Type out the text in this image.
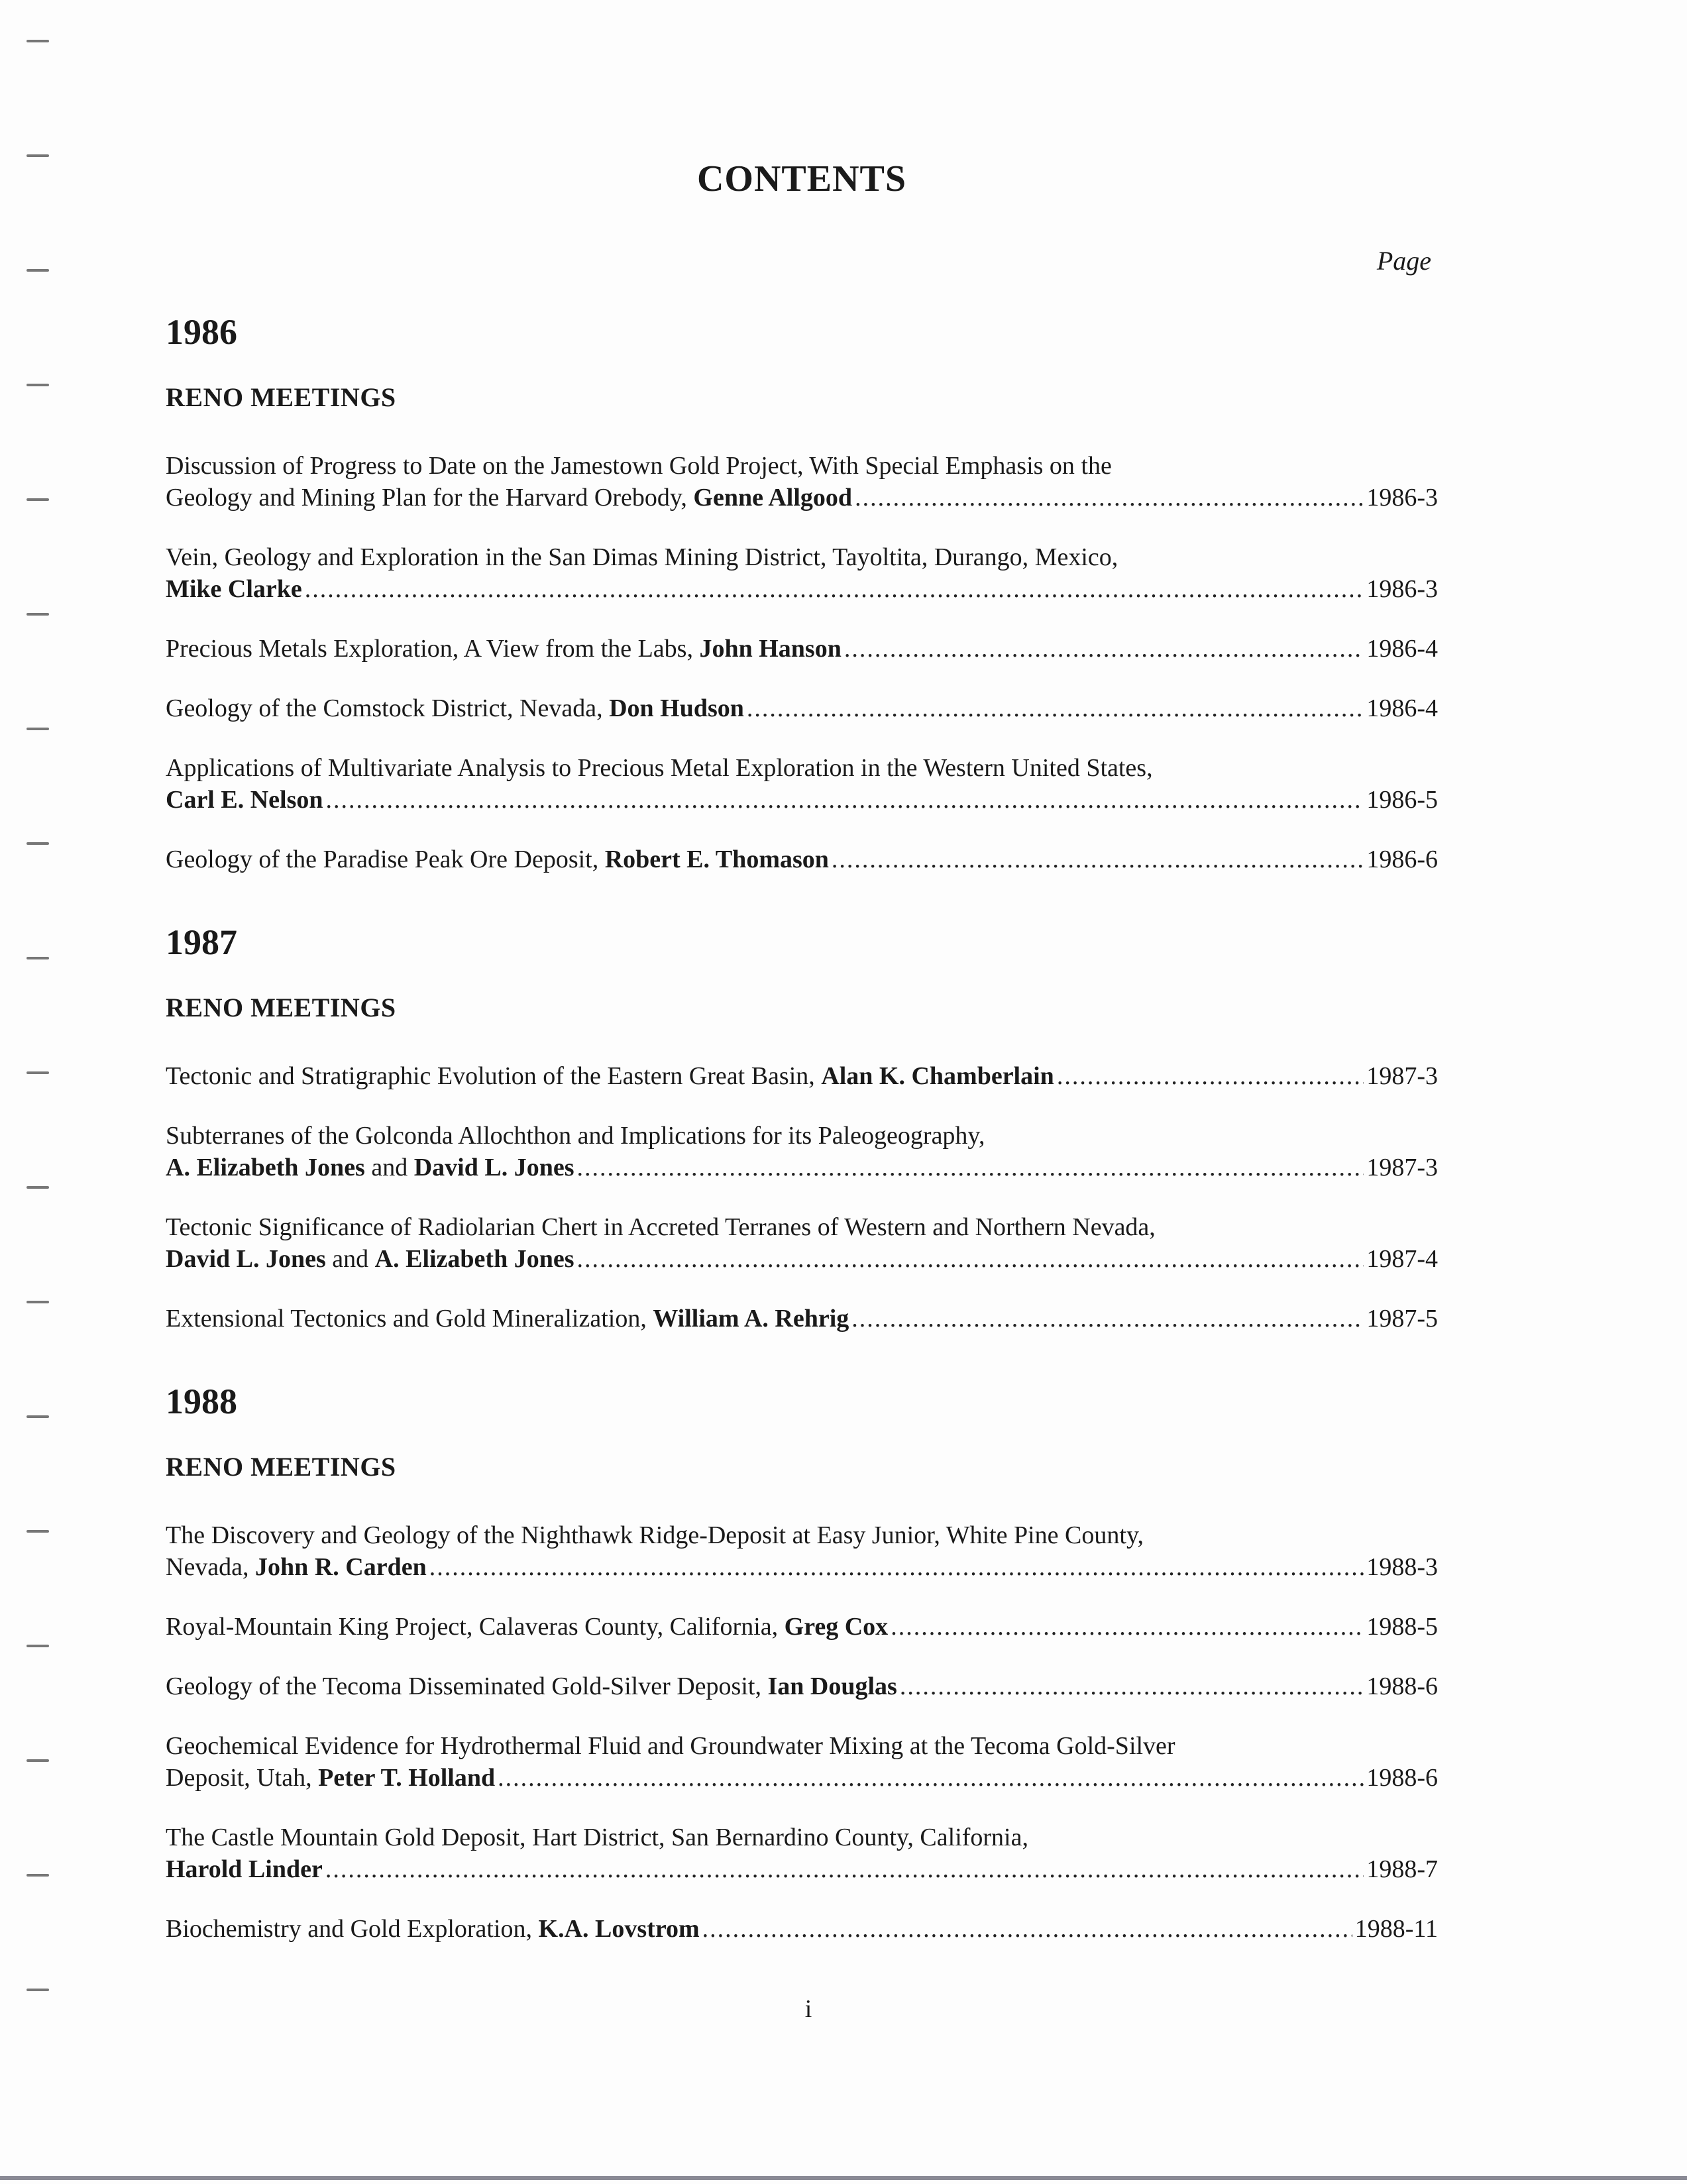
CONTENTS
Page
1986
RENO MEETINGS
Discussion of Progress to Date on the Jamestown Gold Project, With Special Emphasis on the
Geology and Mining Plan for the Harvard Orebody, Genne Allgood .....	1986-3
Vein, Geology and Exploration in the San Dimas Mining District, Tayoltita, Durango, Mexico,
Mike Clarke .....	1986-3
Precious Metals Exploration, A View from the Labs, John Hanson .....	1986-4
Geology of the Comstock District, Nevada, Don Hudson .....	1986-4
Applications of Multivariate Analysis to Precious Metal Exploration in the Western United States,
Carl E. Nelson .....	1986-5
Geology of the Paradise Peak Ore Deposit, Robert E. Thomason .....	1986-6
1987
RENO MEETINGS
Tectonic and Stratigraphic Evolution of the Eastern Great Basin, Alan K. Chamberlain .....	1987-3
Subterranes of the Golconda Allochthon and Implications for its Paleogeography,
A. Elizabeth Jones and David L. Jones .....	1987-3
Tectonic Significance of Radiolarian Chert in Accreted Terranes of Western and Northern Nevada,
David L. Jones and A. Elizabeth Jones .....	1987-4
Extensional Tectonics and Gold Mineralization, William A. Rehrig .....	1987-5
1988
RENO MEETINGS
The Discovery and Geology of the Nighthawk Ridge-Deposit at Easy Junior, White Pine County,
Nevada, John R. Carden .....	1988-3
Royal-Mountain King Project, Calaveras County, California, Greg Cox .....	1988-5
Geology of the Tecoma Disseminated Gold-Silver Deposit, Ian Douglas .....	1988-6
Geochemical Evidence for Hydrothermal Fluid and Groundwater Mixing at the Tecoma Gold-Silver
Deposit, Utah, Peter T. Holland .....	1988-6
The Castle Mountain Gold Deposit, Hart District, San Bernardino County, California,
Harold Linder .....	1988-7
Biochemistry and Gold Exploration, K.A. Lovstrom .....	1988-11
i
